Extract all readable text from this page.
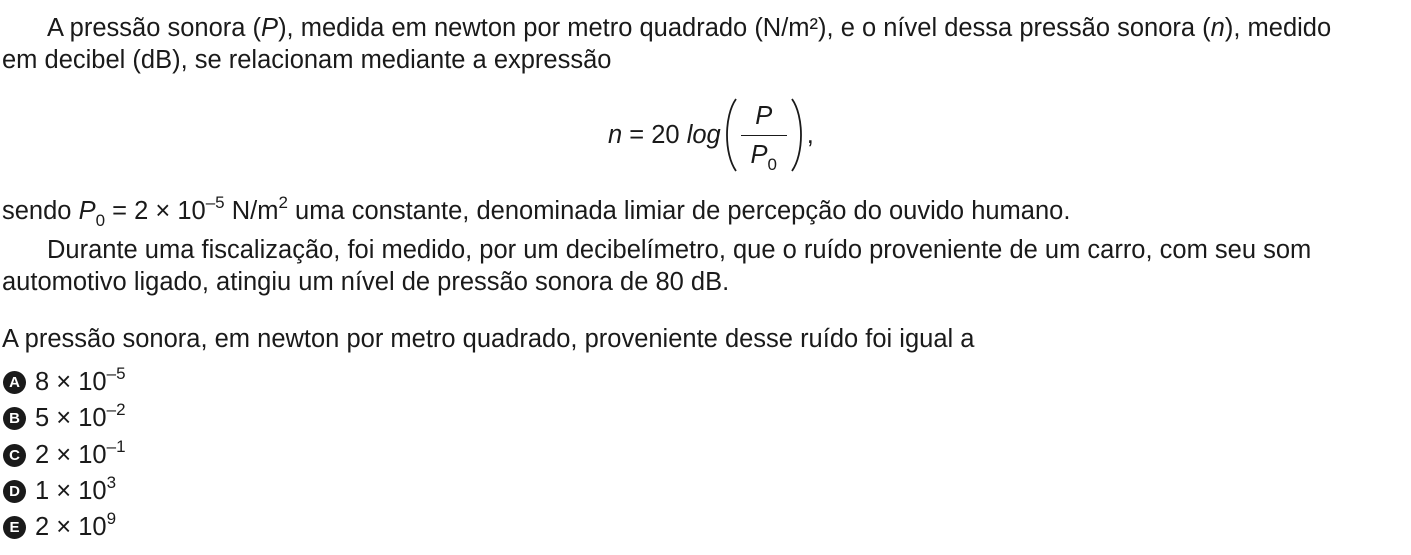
A pressão sonora (P), medida em newton por metro quadrado (N/m²), e o nível dessa pressão sonora (n), medido
em decibel (dB), se relacionam mediante a expressão
n = 20 $\log \frac{P}{P_0}$ ,
sendo $P_0 = 2 \times 10^{-5}$ $N/m^2$ uma constante, denominada limiar de percepção do ouvido humano.
Durante uma fiscalização, foi medido, por um decibelímetro, que o ruído proveniente de um carro, com seu som
automotivo ligado, atingiu um nível de pressão sonora de 80 dB.
A pressão sonora, em newton por metro quadrado, proveniente desse ruído foi igual a
A $8 \times 10^{-5}$
B $5 \times 10^{-2}$
C $2 \times 10^{-1}$
D $1 \times 10^3$
E $2 \times 10^9$
